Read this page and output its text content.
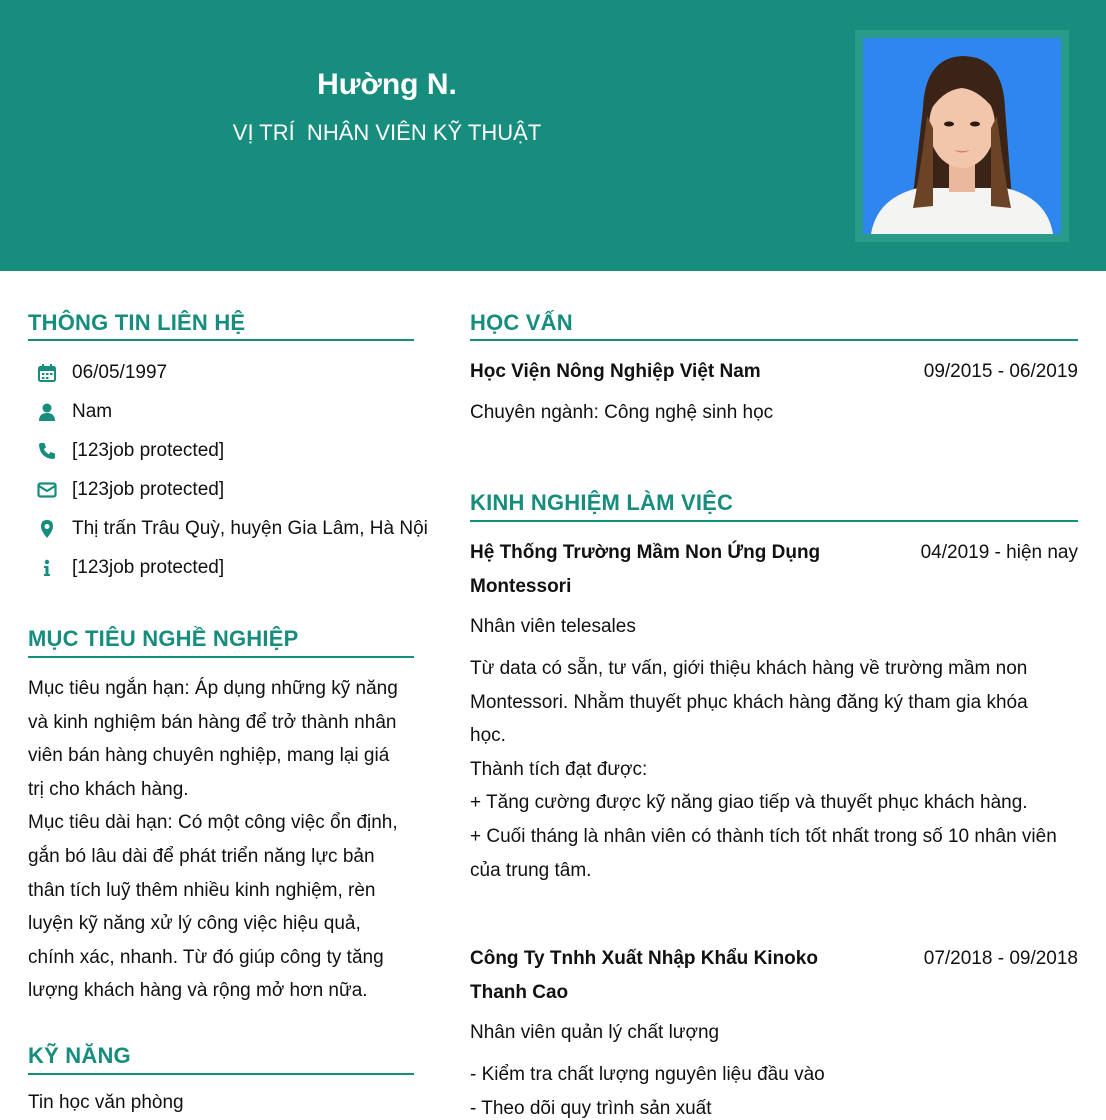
Hường N.
VỊ TRÍ  NHÂN VIÊN KỸ THUẬT
THÔNG TIN LIÊN HỆ
06/05/1997
Nam
[123job protected]
[123job protected]
Thị trấn Trâu Quỳ, huyện Gia Lâm, Hà Nội
[123job protected]
MỤC TIÊU NGHỀ NGHIỆP
Mục tiêu ngắn hạn: Áp dụng những kỹ năng
và kinh nghiệm bán hàng để trở thành nhân
viên bán hàng chuyên nghiệp, mang lại giá
trị cho khách hàng.
Mục tiêu dài hạn: Có một công việc ổn định,
gắn bó lâu dài để phát triển năng lực bản
thân tích luỹ thêm nhiều kinh nghiệm, rèn
luyện kỹ năng xử lý công việc hiệu quả,
chính xác, nhanh. Từ đó giúp công ty tăng
lượng khách hàng và rộng mở hơn nữa.
KỸ NĂNG
Tin học văn phòng
HỌC VẤN
Học Viện Nông Nghiệp Việt Nam	09/2015 - 06/2019
Chuyên ngành: Công nghệ sinh học
KINH NGHIỆM LÀM VIỆC
Hệ Thống Trường Mầm Non Ứng Dụng
Montessori
04/2019 - hiện nay
Nhân viên telesales
Từ data có sẵn, tư vấn, giới thiệu khách hàng về trường mầm non
Montessori. Nhằm thuyết phục khách hàng đăng ký tham gia khóa
học.
Thành tích đạt được:
+ Tăng cường được kỹ năng giao tiếp và thuyết phục khách hàng.
+ Cuối tháng là nhân viên có thành tích tốt nhất trong số 10 nhân viên
của trung tâm.
Công Ty Tnhh Xuất Nhập Khẩu Kinoko
Thanh Cao
07/2018 - 09/2018
Nhân viên quản lý chất lượng
- Kiểm tra chất lượng nguyên liệu đầu vào
- Theo dõi quy trình sản xuất
